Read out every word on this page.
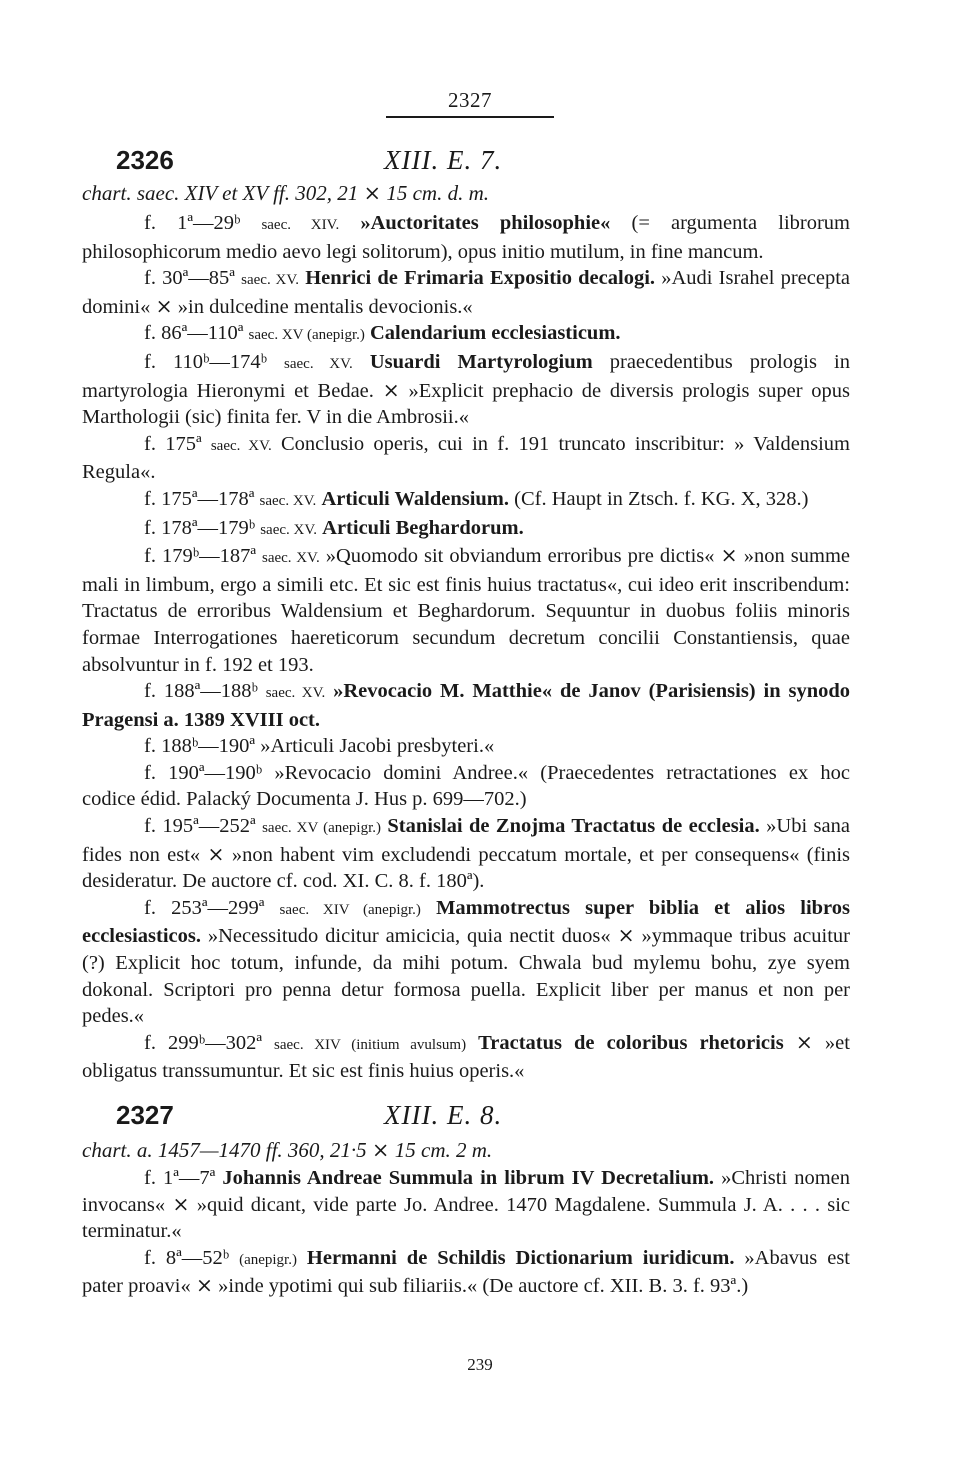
2327
2326	XIII. E. 7.
chart. saec. XIV et XV ff. 302, 21 ⨯ 15 cm. d. m.

f. 1ª—29ᵇ saec. XIV. »Auctoritates philosophie« (= argumenta librorum philosophicorum medio aevo legi solitorum), opus initio mutilum, in fine mancum.

f. 30ª—85ª saec. XV. Henrici de Frimaria Expositio decalogi. »Audi Israhel precepta domini« ⨯ »in dulcedine mentalis devocionis.«

f. 86ª—110ª saec. XV (anepigr.) Calendarium ecclesiasticum.

f. 110ᵇ—174ᵇ saec. XV. Usuardi Martyrologium praecedentibus prologis in martyrologia Hieronymi et Bedae. ⨯ »Explicit prephacio de diversis prologis super opus Marthologii (sic) finita fer. V in die Ambrosii.«

f. 175ª saec. XV. Conclusio operis, cui in f. 191 truncato inscribitur: » Valdensium Regula«.

f. 175ª—178ª saec. XV. Articuli Waldensium. (Cf. Haupt in Ztsch. f. KG. X, 328.)

f. 178ª—179ᵇ saec. XV. Articuli Beghardorum.

f. 179ᵇ—187ª saec. XV. »Quomodo sit obviandum erroribus pre dictis« ⨯ »non summe mali in limbum, ergo a simili etc. Et sic est finis huius tractatus«, cui ideo erit inscribendum: Tractatus de erroribus Waldensium et Beghardorum. Sequuntur in duobus foliis minoris formae Interrogationes haereticorum secundum decretum concilii Constantiensis, quae absolvuntur in f. 192 et 193.

f. 188ª—188ᵇ saec. XV. »Revocacio M. Matthie« de Janov (Parisiensis) in synodo Pragensi a. 1389 XVIII oct.

f. 188ᵇ—190ª »Articuli Jacobi presbyteri.«

f. 190ª—190ᵇ »Revocacio domini Andree.« (Praecedentes retractationes ex hoc codice édid. Palacký Documenta J. Hus p. 699—702.)

f. 195ª—252ª saec. XV (anepigr.) Stanislai de Znojma Tractatus de ecclesia. »Ubi sana fides non est« ⨯ »non habent vim excludendi peccatum mortale, et per consequens« (finis desideratur. De auctore cf. cod. XI. C. 8. f. 180ª).

f. 253ª—299ª saec. XIV (anepigr.) Mammotrectus super biblia et alios libros ecclesiasticos. »Necessitudo dicitur amicicia, quia nectit duos« ⨯ »ymmaque tribus acuitur (?) Explicit hoc totum, infunde, da mihi potum. Chwala bud mylemu bohu, zye syem dokonal. Scriptori pro penna detur formosa puella. Explicit liber per manus et non per pedes.«

f. 299ᵇ—302ª saec. XIV (initium avulsum) Tractatus de coloribus rhetoricis ⨯ »et obligatus transsumuntur. Et sic est finis huius operis.«

2327	XIII. E. 8.
chart. a. 1457—1470 ff. 360, 21·5 ⨯ 15 cm. 2 m.

f. 1ª—7ª Johannis Andreae Summula in librum IV Decretalium. »Christi nomen invocans« ⨯ »quid dicant, vide parte Jo. Andree. 1470 Magdalene. Summula J. A. . . . sic terminatur.«

f. 8ª—52ᵇ (anepigr.) Hermanni de Schildis Dictionarium iuridicum. »Abavus est pater proavi« ⨯ »inde ypotimi qui sub filiariis.« (De auctore cf. XII. B. 3. f. 93ª.)

239
